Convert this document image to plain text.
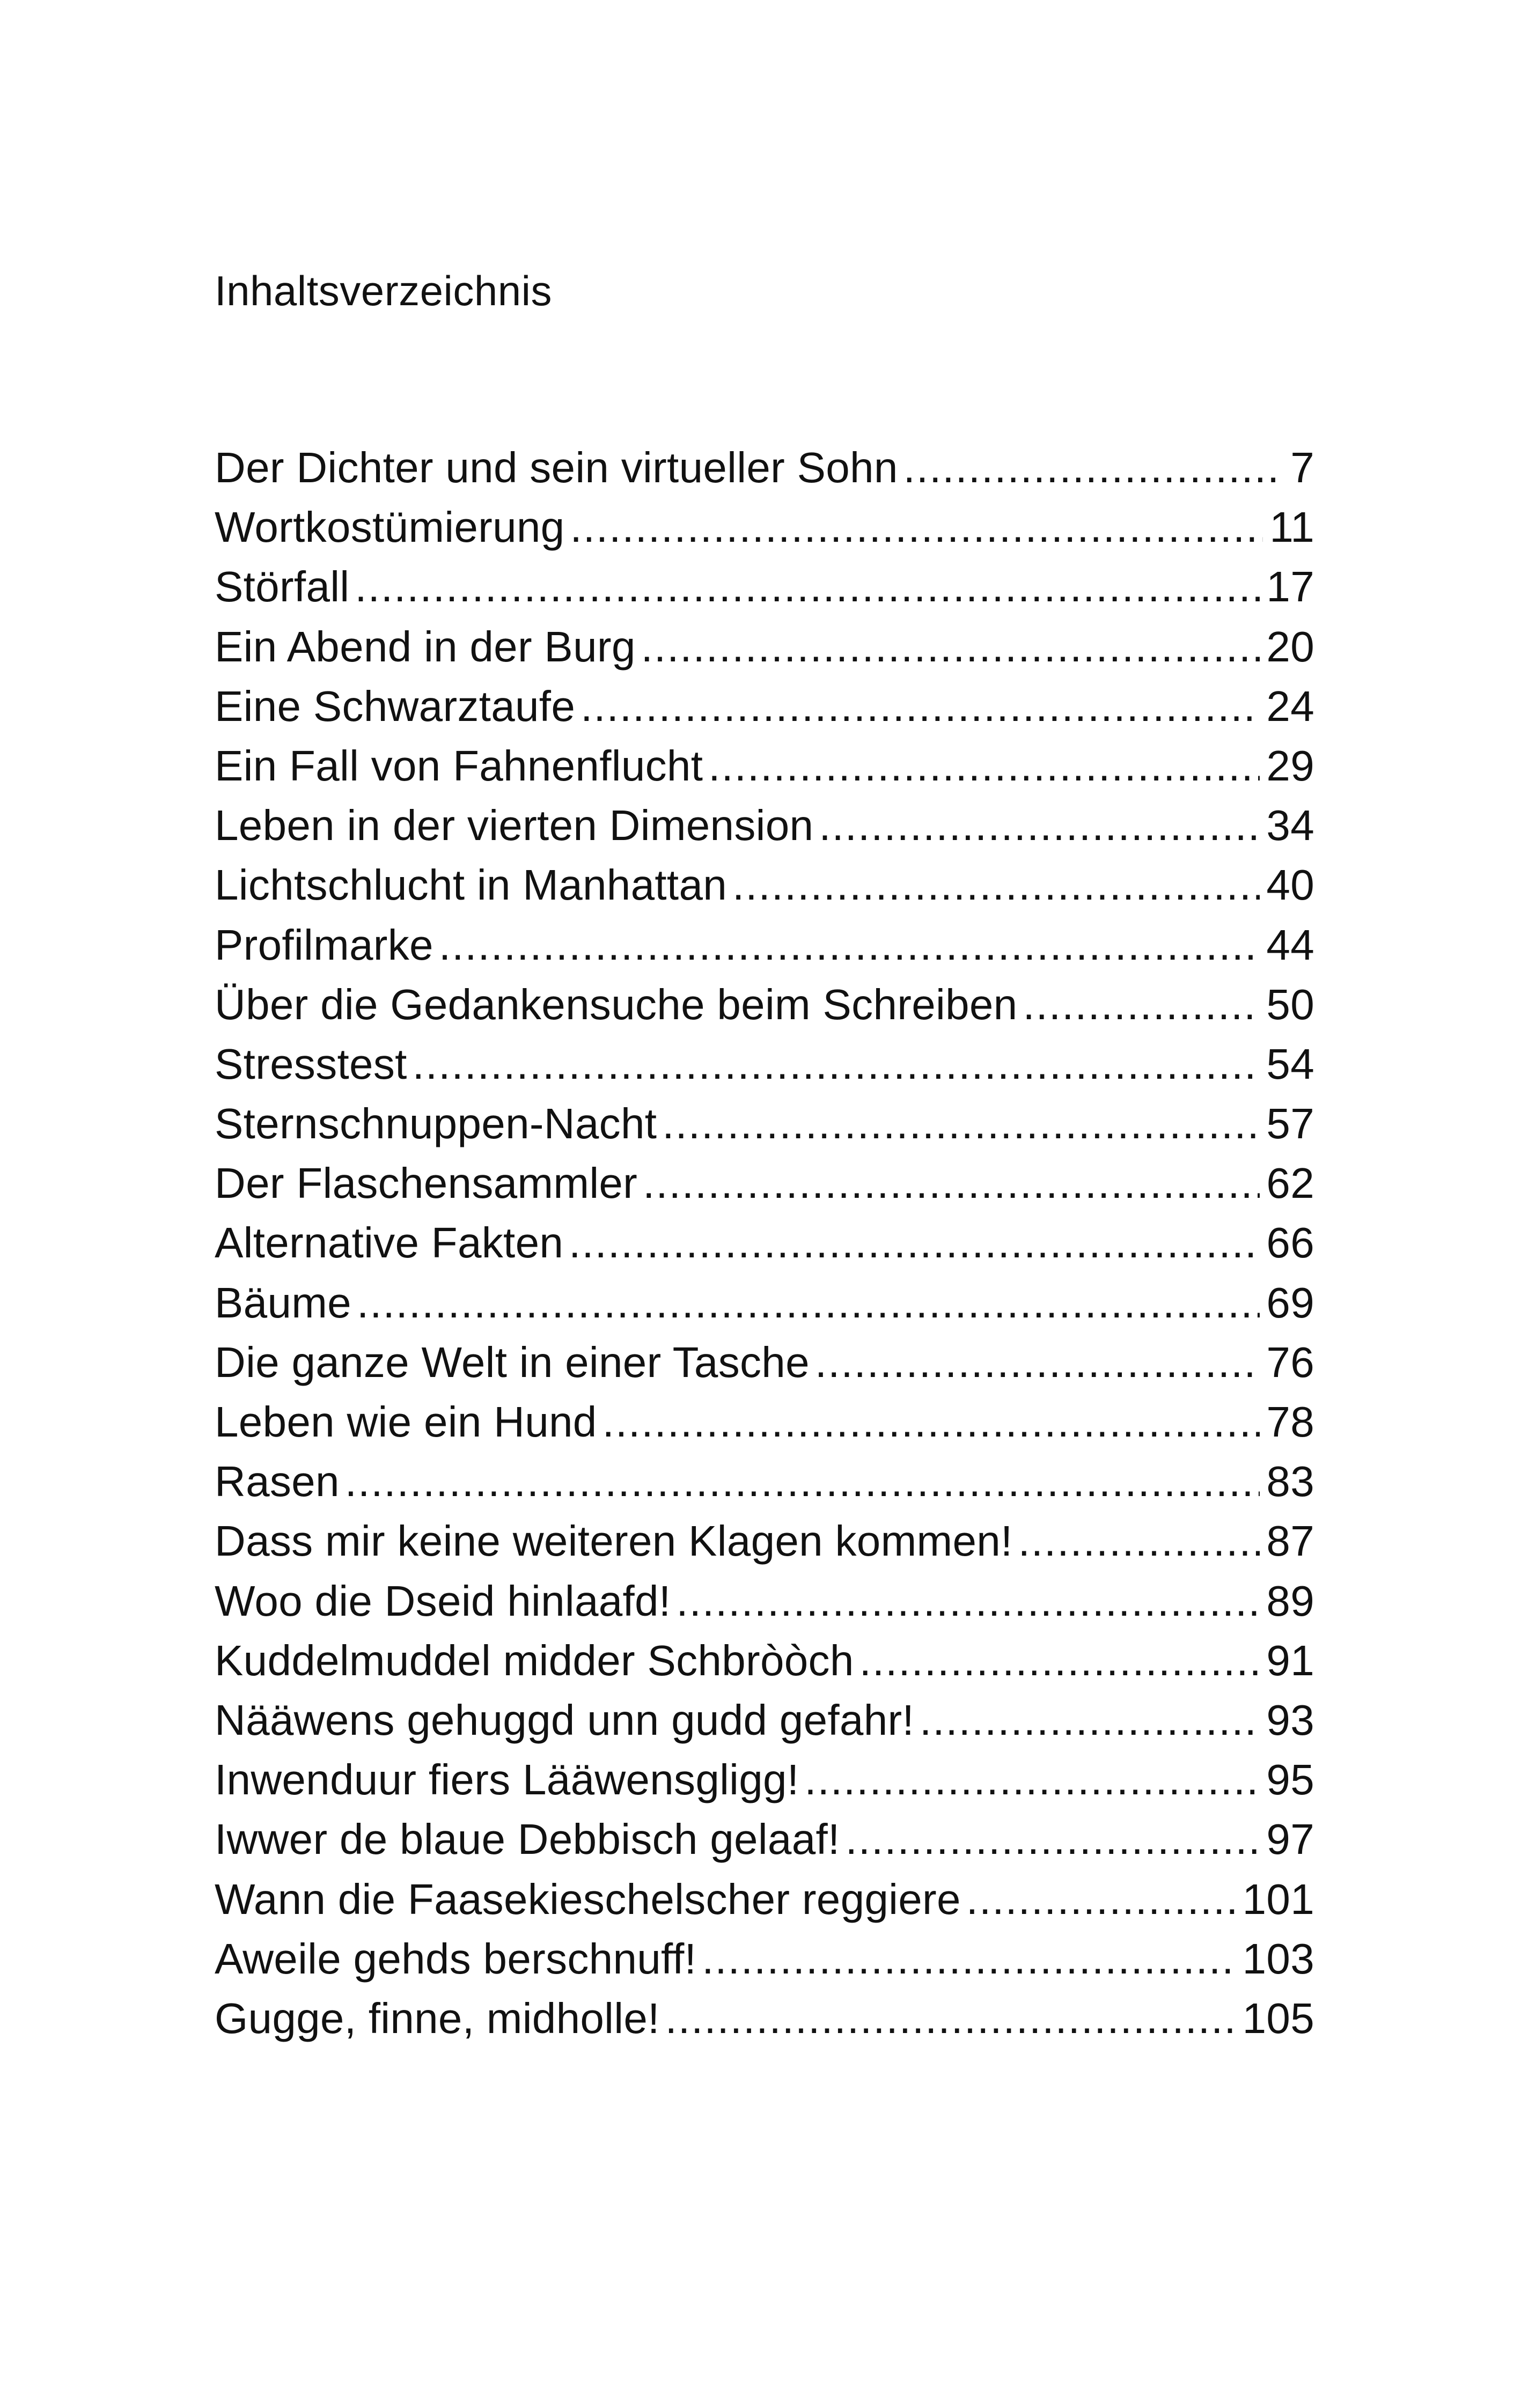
Inhaltsverzeichnis
Der Dichter und sein virtueller Sohn .....	7
Wortkostümierung .....	11
Störfall .....	17
Ein Abend in der Burg .....	20
Eine Schwarztaufe .....	24
Ein Fall von Fahnenflucht .....	29
Leben in der vierten Dimension .....	34
Lichtschlucht in Manhattan .....	40
Profilmarke .....	44
Über die Gedankensuche beim Schreiben .....	50
Stresstest .....	54
Sternschnuppen-Nacht .....	57
Der Flaschensammler .....	62
Alternative Fakten .....	66
Bäume .....	69
Die ganze Welt in einer Tasche .....	76
Leben wie ein Hund .....	78
Rasen .....	83
Dass mir keine weiteren Klagen kommen! .....	87
Woo die Dseid hinlaafd! .....	89
Kuddelmuddel midder Schbròòch .....	91
Nääwens gehuggd unn gudd gefahr! .....	93
Inwenduur fiers Lääwensgligg! .....	95
Iwwer de blaue Debbisch gelaaf! .....	97
Wann die Faasekieschelscher reggiere .....	101
Aweile gehds berschnuff! .....	103
Gugge, finne, midholle! .....	105
